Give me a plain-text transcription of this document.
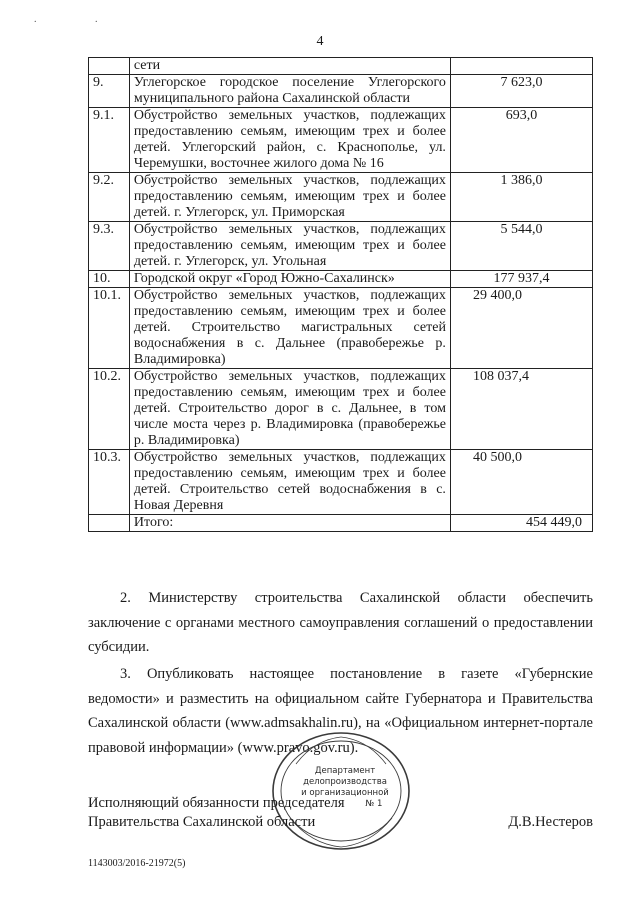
. .
4
	сети	
9.	Углегорское городское поселение Углегорского муниципального района Сахалинской области	7 623,0
9.1.	Обустройство земельных участков, подлежащих предоставлению семьям, имеющим трех и более детей. Углегорский район, с. Краснополье, ул. Черемушки, восточнее жилого дома № 16	693,0
9.2.	Обустройство земельных участков, подлежащих предоставлению семьям, имеющим трех и более детей. г. Углегорск, ул. Приморская	1 386,0
9.3.	Обустройство земельных участков, подлежащих предоставлению семьям, имеющим трех и более детей. г. Углегорск, ул. Угольная	5 544,0
10.	Городской округ «Город Южно-Сахалинск»	177 937,4
10.1.	Обустройство земельных участков, подлежащих предоставлению семьям, имеющим трех и более детей. Строительство магистральных сетей водоснабжения в с. Дальнее (правобережье р. Владимировка)	29 400,0
10.2.	Обустройство земельных участков, подлежащих предоставлению семьям, имеющим трех и более детей. Строительство дорог в с. Дальнее, в том числе моста через р. Владимировка (правобережье р. Владимировка)	108 037,4
10.3.	Обустройство земельных участков, подлежащих предоставлению семьям, имеющим трех и более детей. Строительство сетей водоснабжения в с. Новая Деревня	40 500,0
	Итого:	454 449,0
2. Министерству строительства Сахалинской области обеспечить заключение с органами местного самоуправления соглашений о предоставлении субсидии.
3. Опубликовать настоящее постановление в газете «Губернские ведомости» и разместить на официальном сайте Губернатора и Правительства Сахалинской области (www.admsakhalin.ru), на «Официальном интернет-портале правовой информации» (www.pravo.gov.ru).
Департамент
делопроизводства
и организационной
№ 1
Исполняющий обязанности председателя
Правительства Сахалинской области	Д.В.Нестеров
1143003/2016-21972(5)
